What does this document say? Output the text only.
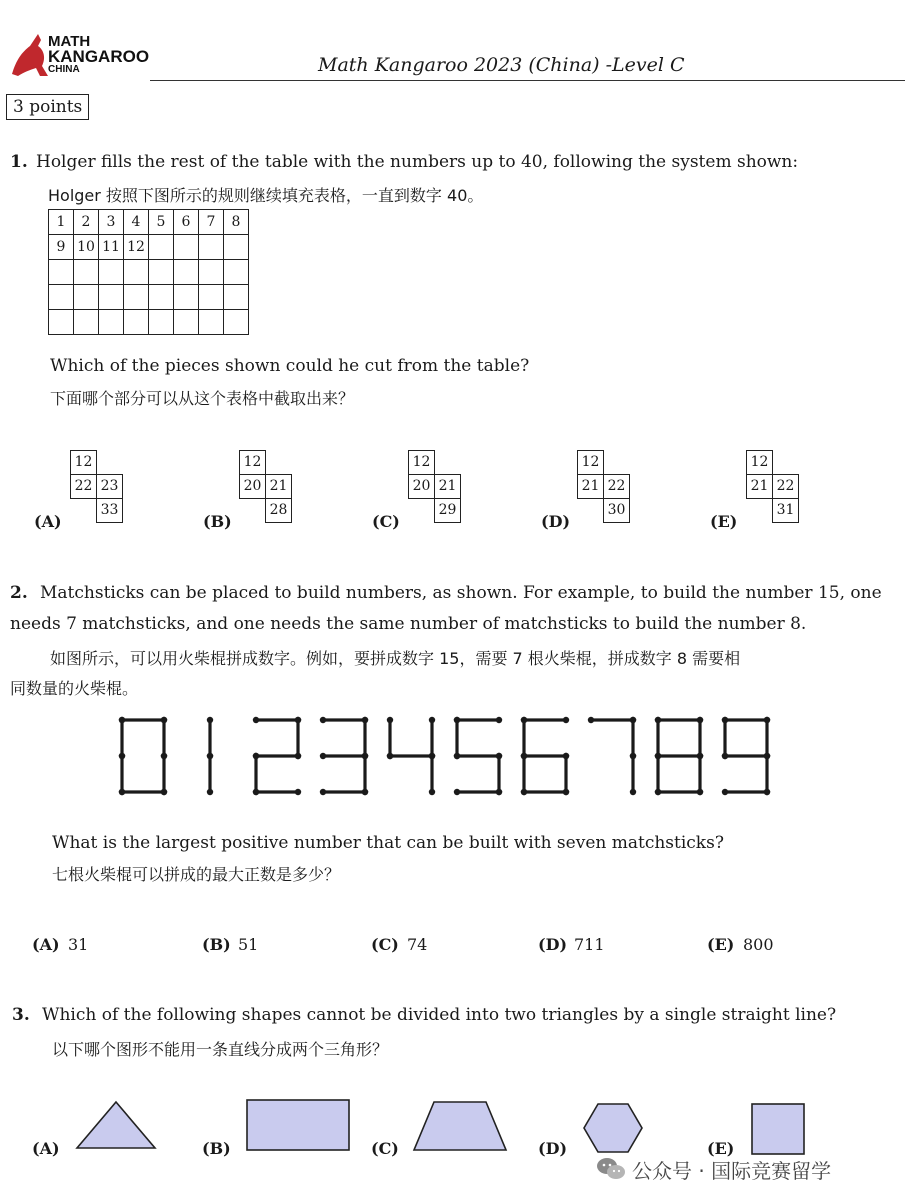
MATH
KANGAROO
CHINA	Math Kangaroo 2023 (China) -Level C
3 points
1. Holger fills the rest of the table with the numbers up to 40, following the system shown:
Holger 按照下图所示的规则继续填充表格，一直到数字 40。
1	2	3	4	5	6	7	8
9	10	11	12				

Which of the pieces shown could he cut from the table?
下面哪个部分可以从这个表格中截取出来？
(A)
12
22 23
33
(B)
12
20 21
28
(C)
12
20 21
29
(D)
12
21 22
30
(E)
12
21 22
31
2. Matchsticks can be placed to build numbers, as shown. For example, to build the number 15, one
needs 7 matchsticks, and one needs the same number of matchsticks to build the number 8.
如图所示，可以用火柴棍拼成数字。例如，要拼成数字 15，需要 7 根火柴棍，拼成数字 8 需要相
同数量的火柴棍。
What is the largest positive number that can be built with seven matchsticks?
七根火柴棍可以拼成的最大正数是多少？
(A) 31	(B) 51	(C) 74	(D) 711	(E) 800
3. Which of the following shapes cannot be divided into two triangles by a single straight line?
以下哪个图形不能用一条直线分成两个三角形？
(A)	(B)	(C)	(D)	(E)
公众号 · 国际竞赛留学
